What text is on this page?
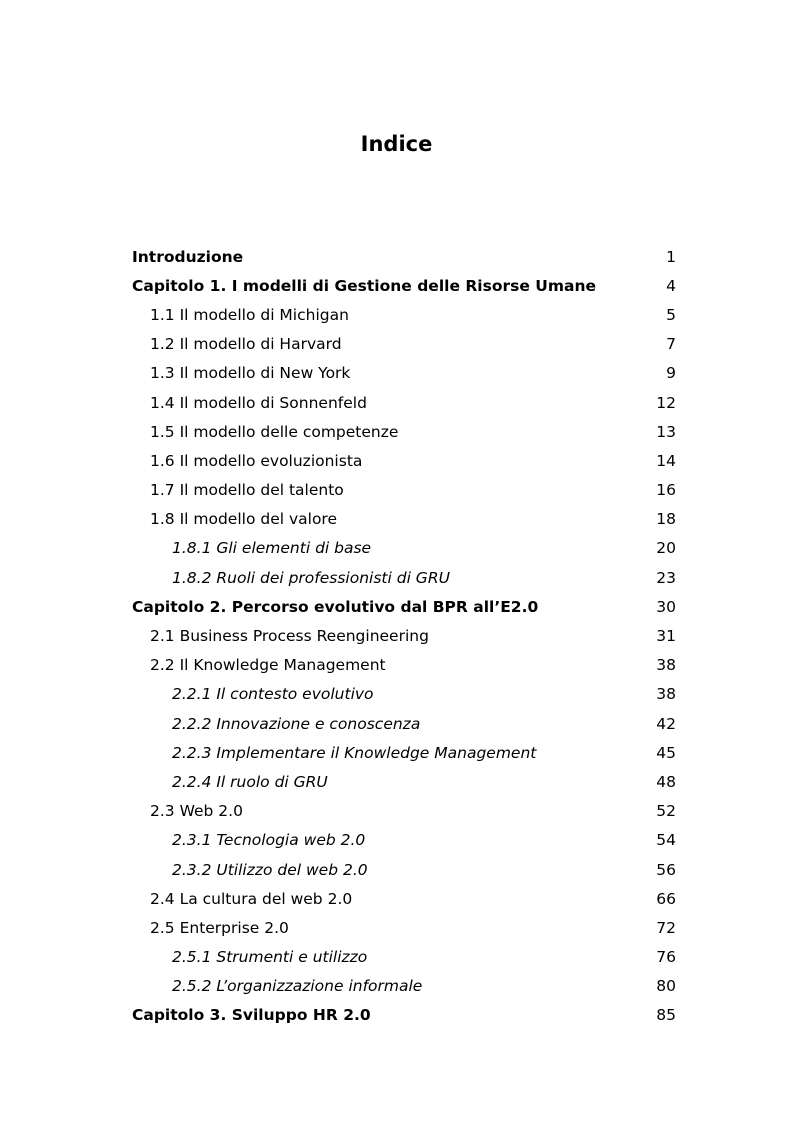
Indice
Introduzione	1
Capitolo 1. I modelli di Gestione delle Risorse Umane	4
1.1 Il modello di Michigan	5
1.2 Il modello di Harvard	7
1.3 Il modello di New York	9
1.4 Il modello di Sonnenfeld	12
1.5 Il modello delle competenze	13
1.6 Il modello evoluzionista	14
1.7 Il modello del talento	16
1.8 Il modello del valore	18
1.8.1 Gli elementi di base	20
1.8.2 Ruoli dei professionisti di GRU	23
Capitolo 2. Percorso evolutivo dal BPR all’E2.0	30
2.1 Business Process Reengineering	31
2.2 Il Knowledge Management	38
2.2.1 Il contesto evolutivo	38
2.2.2 Innovazione e conoscenza	42
2.2.3 Implementare il Knowledge Management	45
2.2.4 Il ruolo di GRU	48
2.3 Web 2.0	52
2.3.1 Tecnologia web 2.0	54
2.3.2 Utilizzo del web 2.0	56
2.4 La cultura del web 2.0	66
2.5 Enterprise 2.0	72
2.5.1 Strumenti e utilizzo	76
2.5.2 L’organizzazione informale	80
Capitolo 3. Sviluppo HR 2.0	85
